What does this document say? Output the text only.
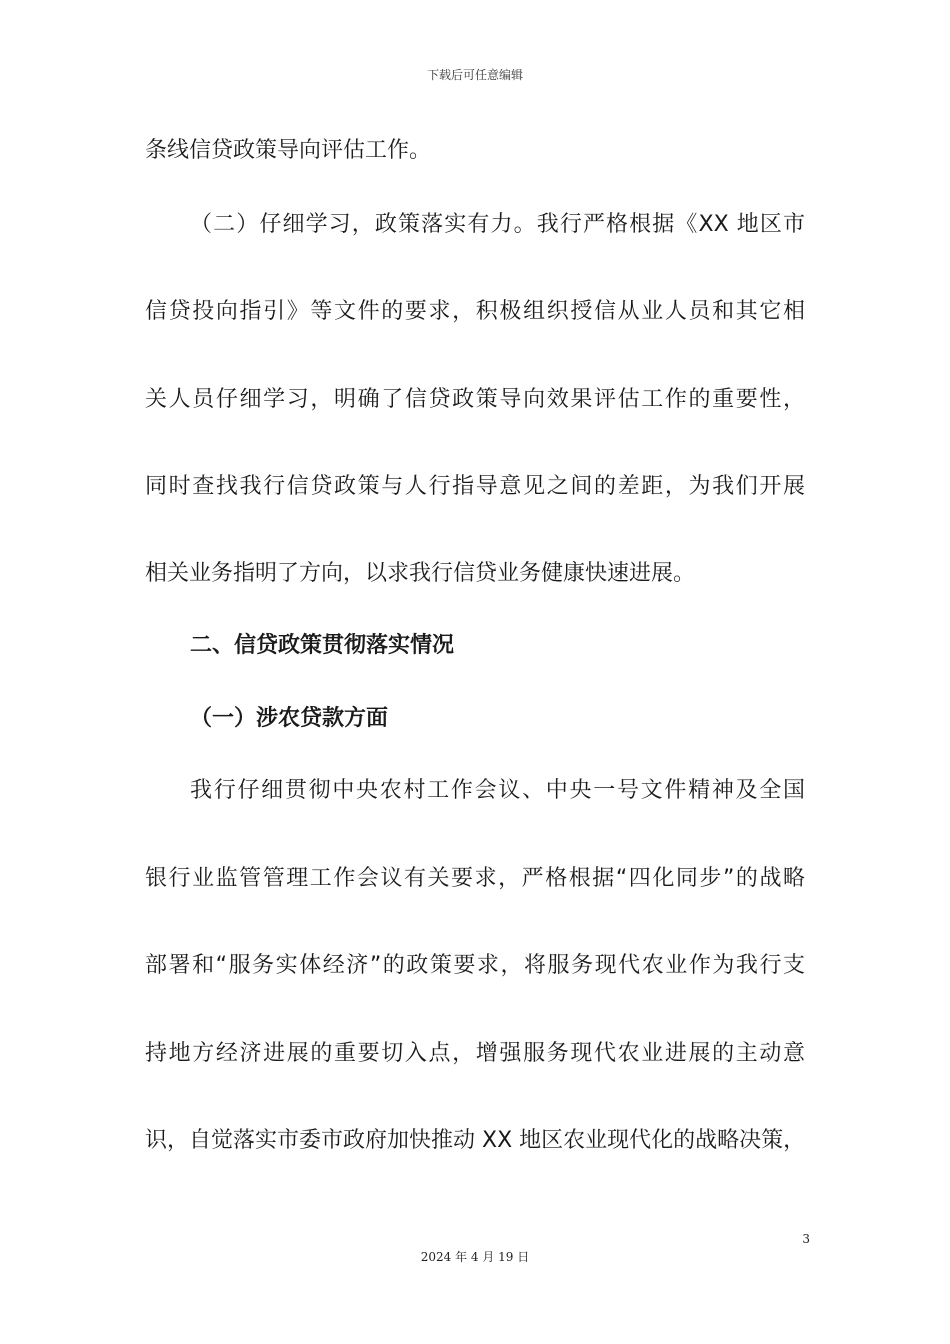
下载后可任意编辑
条线信贷政策导向评估工作。
（二）仔细学习，政策落实有力。我行严格根据《XX 地区市
信贷投向指引》等文件的要求，积极组织授信从业人员和其它相
关人员仔细学习，明确了信贷政策导向效果评估工作的重要性，
同时查找我行信贷政策与人行指导意见之间的差距，为我们开展
相关业务指明了方向，以求我行信贷业务健康快速进展。
二、信贷政策贯彻落实情况
（一）涉农贷款方面
我行仔细贯彻中央农村工作会议、中央一号文件精神及全国
银行业监管管理工作会议有关要求，严格根据“四化同步”的战略
部署和“服务实体经济”的政策要求，将服务现代农业作为我行支
持地方经济进展的重要切入点，增强服务现代农业进展的主动意
识，自觉落实市委市政府加快推动 XX 地区农业现代化的战略决策，
3
2024 年 4 月 19 日
